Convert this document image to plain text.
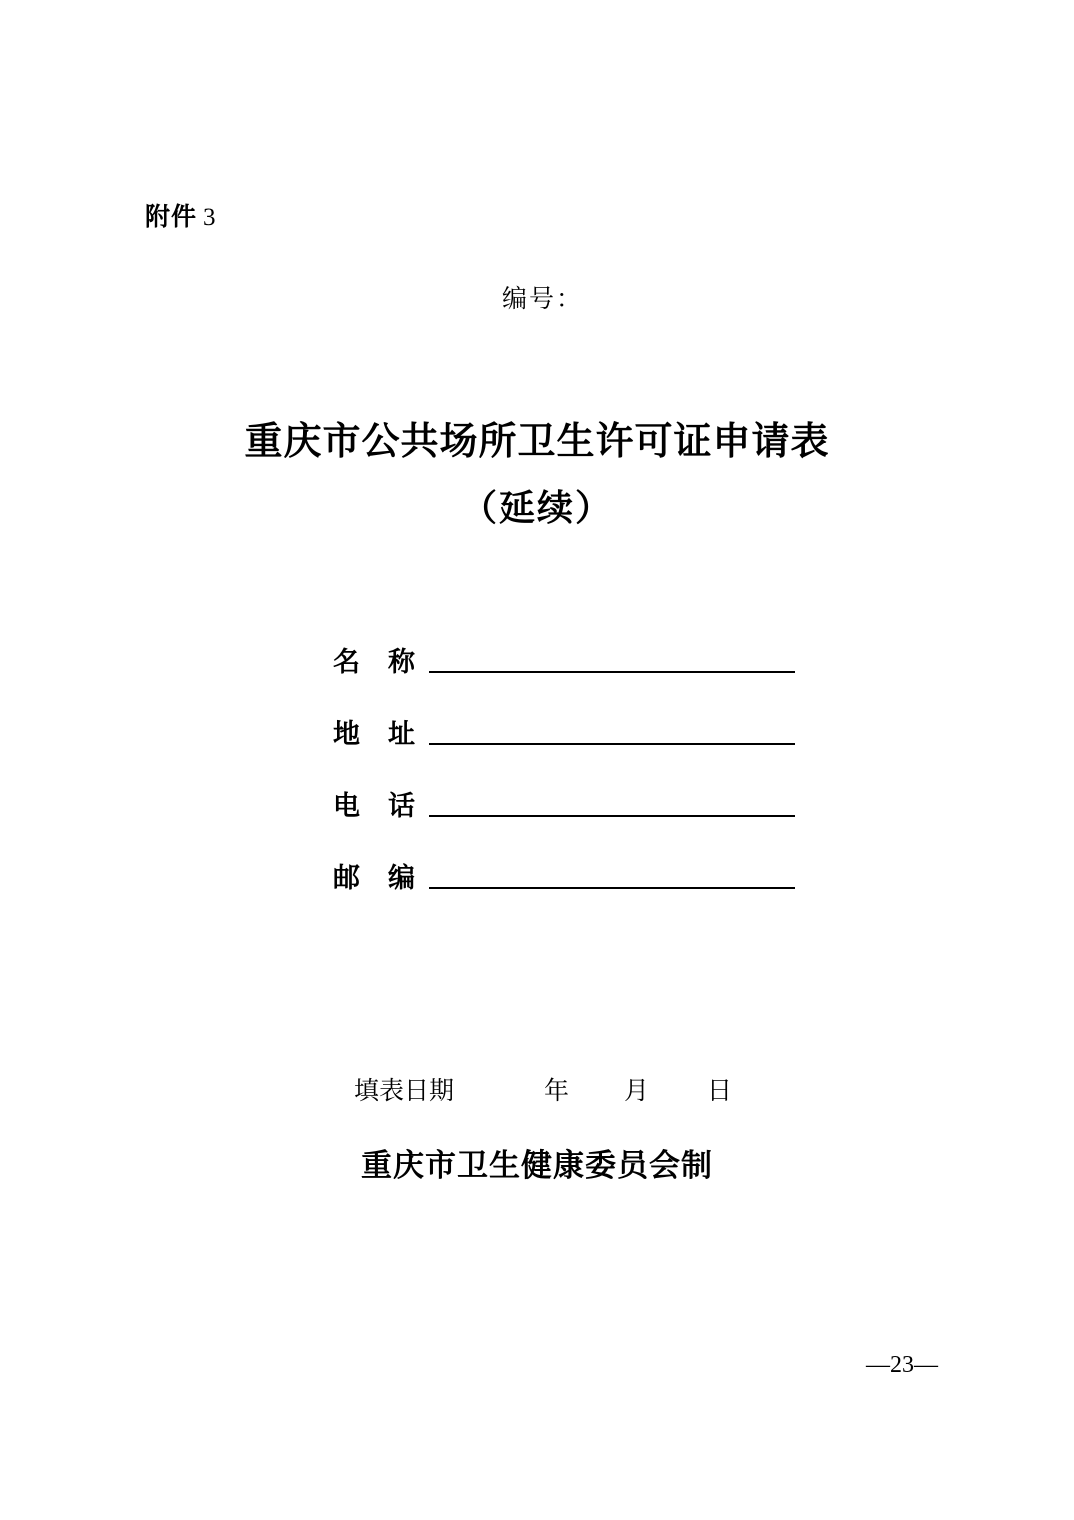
附件 3
编号：
重庆市公共场所卫生许可证申请表
（延续）
名 称
地 址
电 话
邮 编
填表日期	年 月 日
重庆市卫生健康委员会制
—23—
